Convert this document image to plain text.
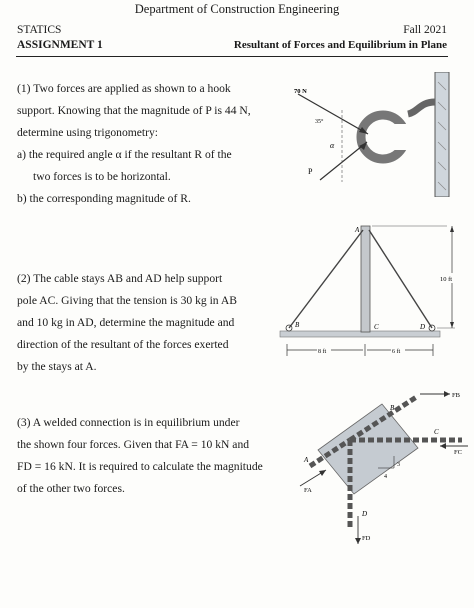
Department of Construction Engineering
STATICS
ASSIGNMENT 1
Fall 2021
Resultant of Forces and Equilibrium in Plane
(1) Two forces are applied as shown to a hook
support. Knowing that the magnitude of P is 44 N,
determine using trigonometry:
a) the required angle α if the resultant R of the
two forces is to be horizontal.
b) the corresponding magnitude of R.
70 N
35°
α
P
(2) The cable stays AB and AD help support
pole AC. Giving that the tension is 30 kg in AB
and 10 kg in AD, determine the magnitude and
direction of the resultant of the forces exerted
by the stays at A.
10 ft
8 ft	6 ft
A
B	C	D
(3) A welded connection is in equilibrium under
the shown four forces. Given that FA = 10 kN and
FD = 16 kN. It is required to calculate the magnitude
of the other two forces.
4
3
A
B
C
D
FA
FB
FC
FD
